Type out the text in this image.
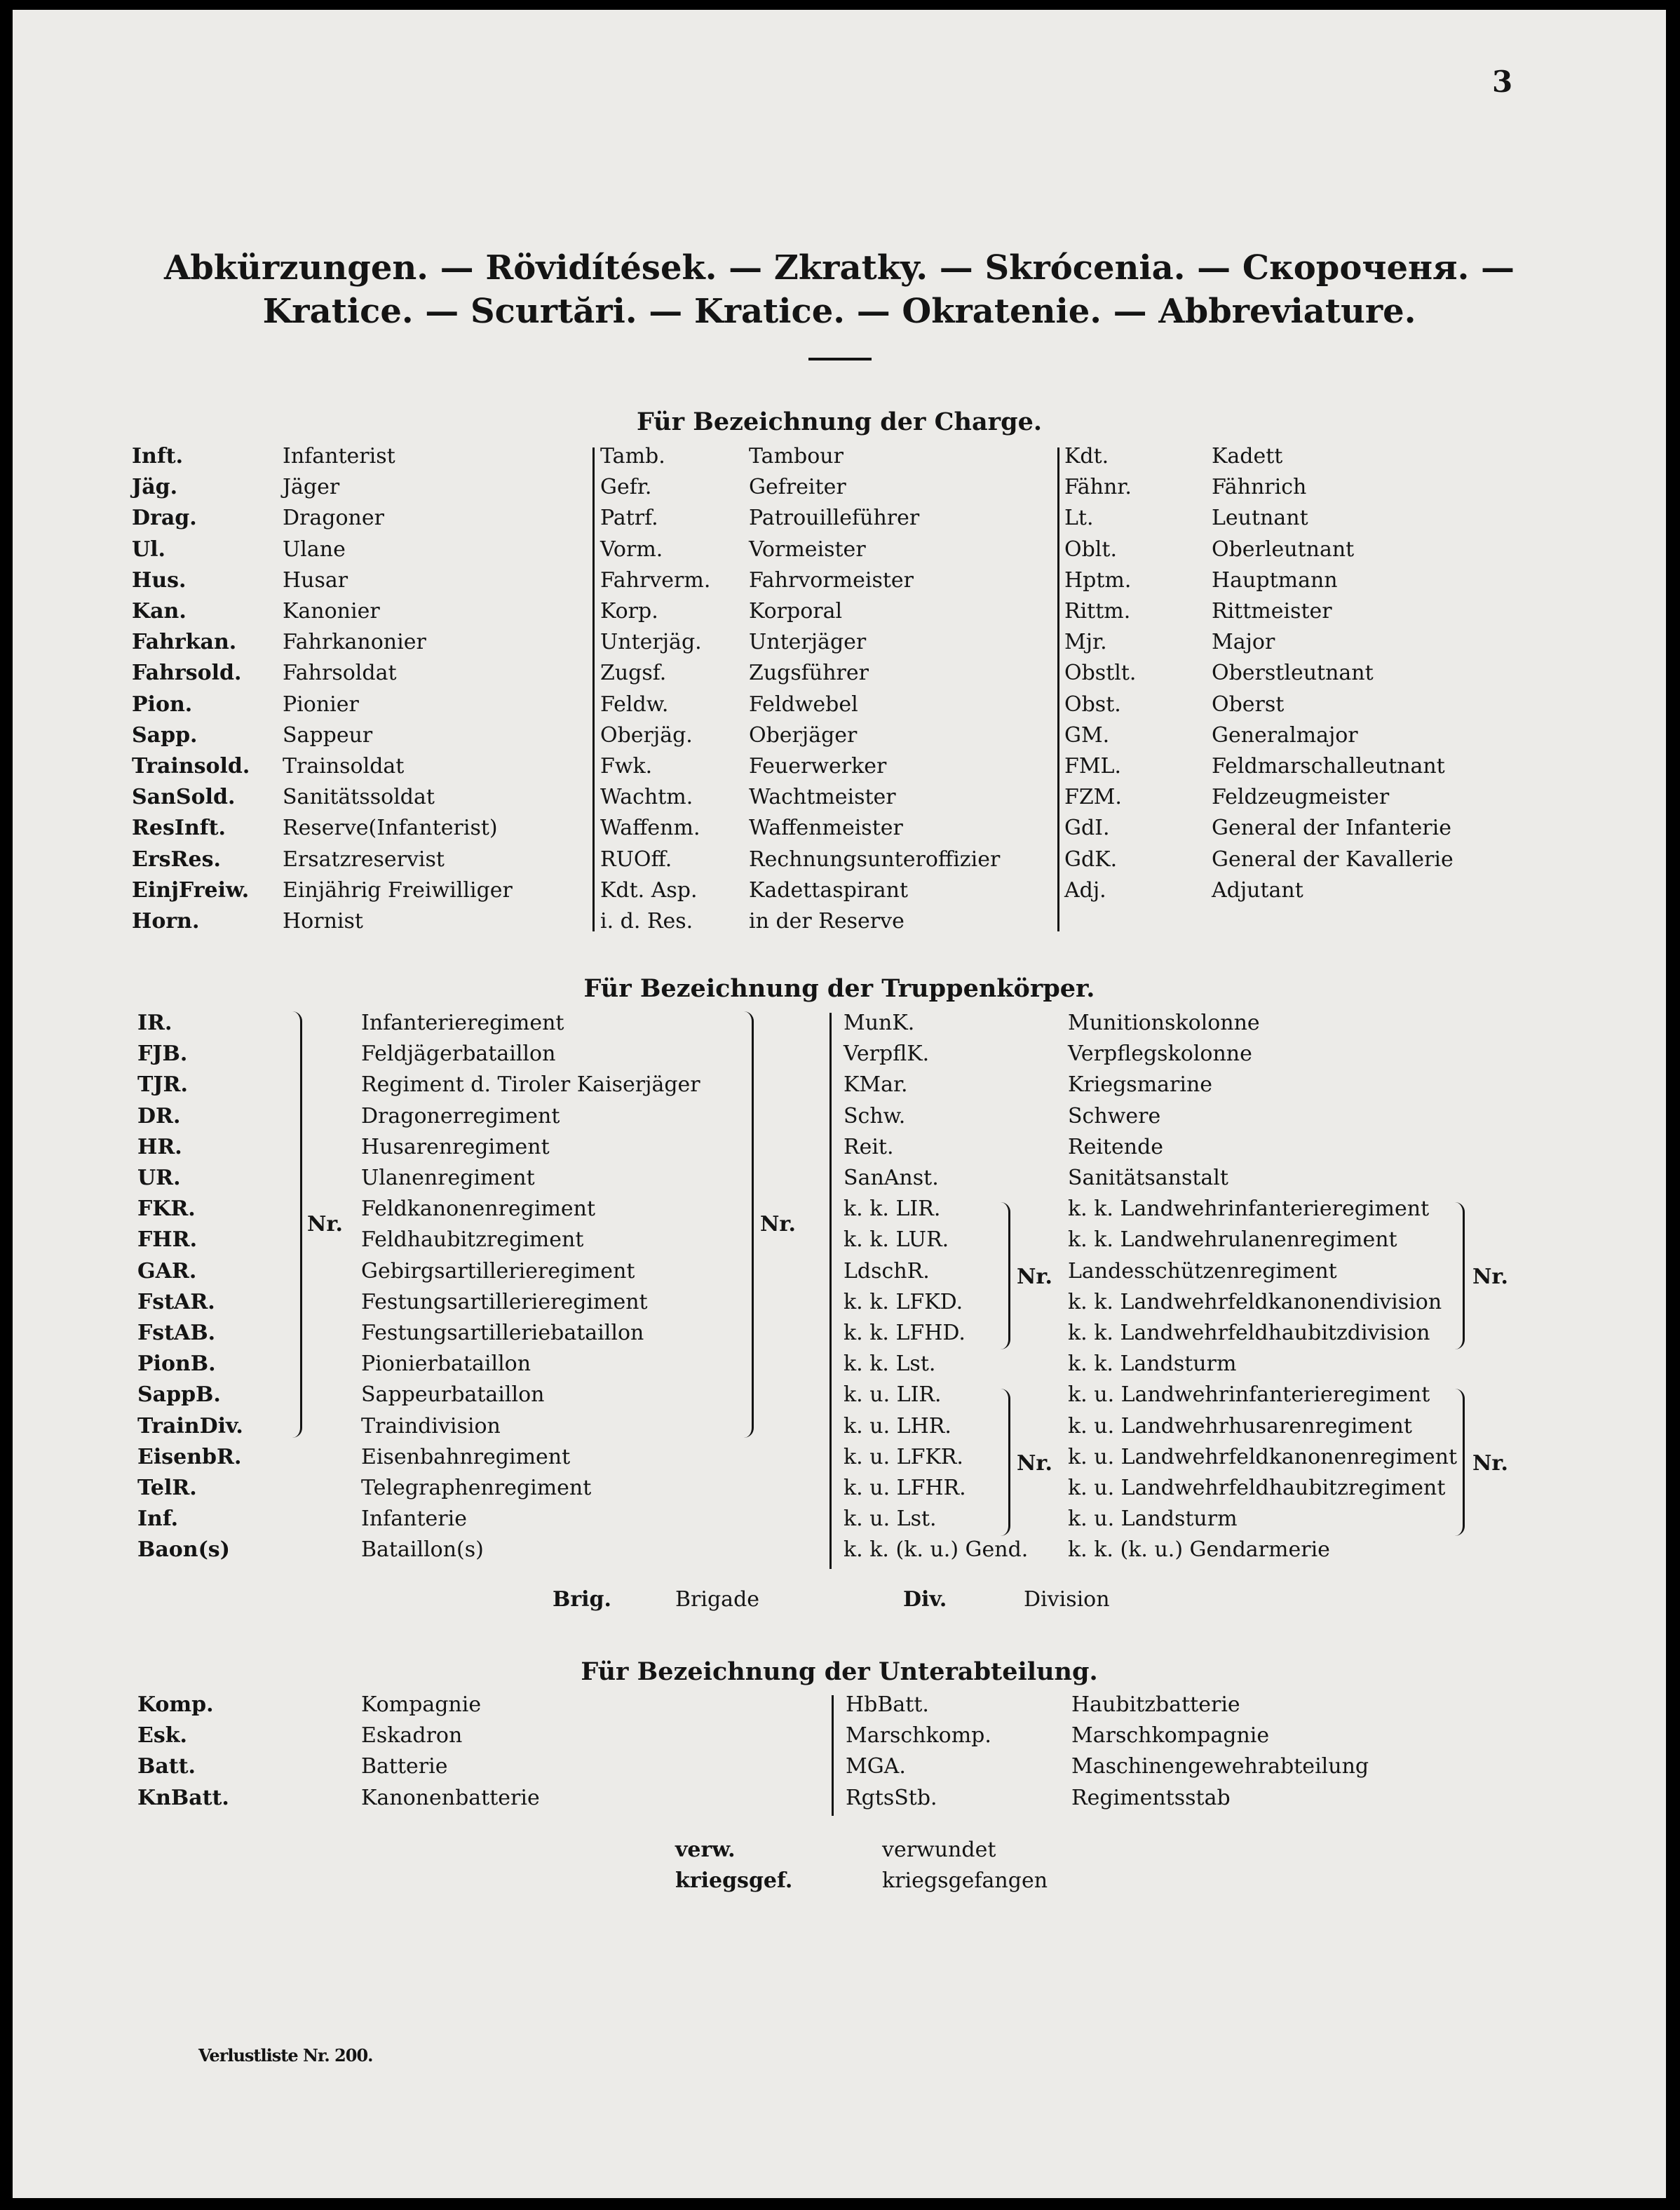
3
Abkürzungen. — Rövidítések. — Zkratky. — Skrócenia. — Скороченя. —
Kratice. — Scurtări. — Kratice. — Okratenie. — Abbreviature.
Für Bezeichnung der Charge.
Inft.	Infanterist
Jäg.	Jäger
Drag.	Dragoner
Ul.	Ulane
Hus.	Husar
Kan.	Kanonier
Fahrkan. Fahrkanonier
Fahrsold. Fahrsoldat
Pion.	Pionier
Sapp.	Sappeur
Trainsold. Trainsoldat
SanSold. Sanitätssoldat
ResInft.	Reserve(Infanterist)
ErsRes.	Ersatzreservist
EinjFreiw. Einjährig Freiwilliger
Horn.	Hornist
Tamb.	Tambour
Gefr.	Gefreiter
Patrf.	Patrouilleführer
Vorm.	Vormeister
Fahrverm. Fahrvormeister
Korp.	Korporal
Unterjäg. Unterjäger
Zugsf.	Zugsführer
Feldw.	Feldwebel
Oberjäg.	Oberjäger
Fwk.	Feuerwerker
Wachtm.	Wachtmeister
Waffenm. Waffenmeister
RUOff.	Rechnungsunteroffizier
Kdt. Asp. Kadettaspirant
i. d. Res.	in der Reserve
Kdt.	Kadett
Fähnr.	Fähnrich
Lt.	Leutnant
Oblt.	Oberleutnant
Hptm.	Hauptmann
Rittm.	Rittmeister
Mjr.	Major
Obstlt.	Oberstleutnant
Obst.	Oberst
GM.	Generalmajor
FML.	Feldmarschalleutnant
FZM.	Feldzeugmeister
GdI.	General der Infanterie
GdK.	General der Kavallerie
Adj.	Adjutant
Für Bezeichnung der Truppenkörper.
IR.	Infanterieregiment
FJB.	Feldjägerbataillon
TJR.	Regiment d. Tiroler Kaiserjäger
DR.	Dragonerregiment
HR.	Husarenregiment
UR.	Ulanenregiment
FKR.	Feldkanonenregiment
FHR.	Feldhaubitzregiment
GAR.	Gebirgsartillerieregiment
FstAR.	Festungsartillerieregiment
FstAB.	Festungsartilleriebataillon
PionB.	Pionierbataillon
SappB.	Sappeurbataillon
TrainDiv.	Traindivision
EisenbR.	Eisenbahnregiment
TelR.	Telegraphenregiment
Inf.	Infanterie
Baon(s)	Bataillon(s)
MunK.	Munitionskolonne
VerpflK.	Verpflegskolonne
KMar.	Kriegsmarine
Schw.	Schwere
Reit.	Reitende
SanAnst.	Sanitätsanstalt
k. k. LIR.	k. k. Landwehrinfanterieregiment
k. k. LUR.	k. k. Landwehrulanenregiment
LdschR.	Landesschützenregiment
k. k. LFKD.	k. k. Landwehrfeldkanonendivision
k. k. LFHD.	k. k. Landwehrfeldhaubitzdivision
k. k. Lst.	k. k. Landsturm
k. u. LIR.	k. u. Landwehrinfanterieregiment
k. u. LHR.	k. u. Landwehrhusarenregiment
k. u. LFKR.	k. u. Landwehrfeldkanonenregiment
k. u. LFHR.	k. u. Landwehrfeldhaubitzregiment
k. u. Lst.	k. u. Landsturm
k. k. (k. u.) Gend. k. k. (k. u.) Gendarmerie
Brig.	Brigade	Div.	Division
Nr.	Nr.
Nr.	Nr.
Nr.	Nr.
Für Bezeichnung der Unterabteilung.
Komp.	Kompagnie
Esk.	Eskadron
Batt.	Batterie
KnBatt.	Kanonenbatterie
HbBatt.	Haubitzbatterie
Marschkomp.	Marschkompagnie
MGA.	Maschinengewehrabteilung
RgtsStb.	Regimentsstab
verw.	verwundet
kriegsgef.	kriegsgefangen
Verlustliste Nr. 200.
